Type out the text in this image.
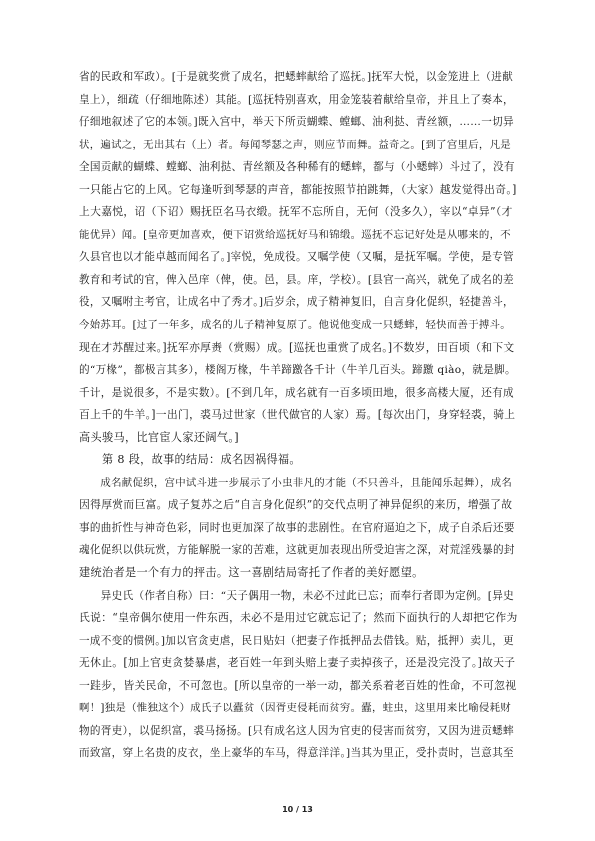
省的民政和军政）。[于是就奖赏了成名，把蟋蟀献给了巡抚。]抚军大悦，以金笼进上（进献
皇上），细疏（仔细地陈述）其能。[巡抚特别喜欢，用金笼装着献给皇帝，并且上了奏本，
仔细地叙述了它的本领。]既入宫中，举天下所贡蝴蝶、螳螂、油利挞、青丝额，……一切异
状，遍试之，无出其右（上）者。每闻琴瑟之声，则应节而舞。益奇之。[到了宫里后，凡是
全国贡献的蝴蝶、螳螂、油利挞、青丝额及各种稀有的蟋蟀，都与（小蟋蟀）斗过了，没有
一只能占它的上风。它每逢听到琴瑟的声音，都能按照节拍跳舞，（大家）越发觉得出奇。]
上大嘉悦，诏（下诏）赐抚臣名马衣缎。抚军不忘所自，无何（没多久），宰以“卓异”（才
能优异）闻。[皇帝更加喜欢，便下诏赏给巡抚好马和锦缎。巡抚不忘记好处是从哪来的，不
久县官也以才能卓越而闻名了。]宰悦，免成役。又嘱学使（又嘱，是抚军嘱。学使，是专管
教育和考试的官，俾入邑庠（俾，使。邑，县。庠，学校）。[县官一高兴，就免了成名的差
役，又嘱咐主考官，让成名中了秀才。]后岁余，成子精神复旧，自言身化促织，轻捷善斗，
今始苏耳。[过了一年多，成名的儿子精神复原了。他说他变成一只蟋蟀，轻快而善于搏斗。
现在才苏醒过来。]抚军亦厚赉（赏赐）成。[巡抚也重赏了成名。]不数岁，田百顷（和下文
的“万椽”，都极言其多），楼阁万椽，牛羊蹄躈各千计（牛羊几百头。蹄躈 qiào，就是脚。
千计，是说很多，不是实数）。[不到几年，成名就有一百多顷田地，很多高楼大厦，还有成
百上千的牛羊。]一出门，裘马过世家（世代做官的人家）焉。[每次出门，身穿轻裘，骑上
高头骏马，比官宦人家还阔气。]
　　第 8 段，故事的结局：成名因祸得福。
　　成名献促织，宫中试斗进一步展示了小虫非凡的才能（不只善斗，且能闻乐起舞），成名
因得厚赏而巨富。成子复苏之后“自言身化促织”的交代点明了神异促织的来历，增强了故
事的曲折性与神奇色彩，同时也更加深了故事的悲剧性。在官府逼迫之下，成子自杀后还要
魂化促织以供玩赏，方能解脱一家的苦难，这就更加表现出所受迫害之深，对荒淫残暴的封
建统治者是一个有力的抨击。这一喜剧结局寄托了作者的美好愿望。
　　异史氏（作者自称）曰：“天子偶用一物，未必不过此已忘；而奉行者即为定例。[异史
氏说：“皇帝偶尔使用一件东西，未必不是用过它就忘记了；然而下面执行的人却把它作为
一成不变的惯例。]加以官贪吏虐，民日贴妇（把妻子作抵押品去借钱。贴，抵押）卖儿，更
无休止。[加上官吏贪婪暴虐，老百姓一年到头赔上妻子卖掉孩子，还是没完没了。]故天子
一跬步，皆关民命，不可忽也。[所以皇帝的一举一动，都关系着老百姓的性命，不可忽视
啊！]独是（惟独这个）成氏子以蠹贫（因胥吏侵耗而贫穷。蠹，蛀虫，这里用来比喻侵耗财
物的胥吏），以促织富，裘马扬扬。[只有成名这人因为官吏的侵害而贫穷，又因为进贡蟋蟀
而致富，穿上名贵的皮衣，坐上豪华的车马，得意洋洋。]当其为里正，受扑责时，岂意其至
10 / 13
